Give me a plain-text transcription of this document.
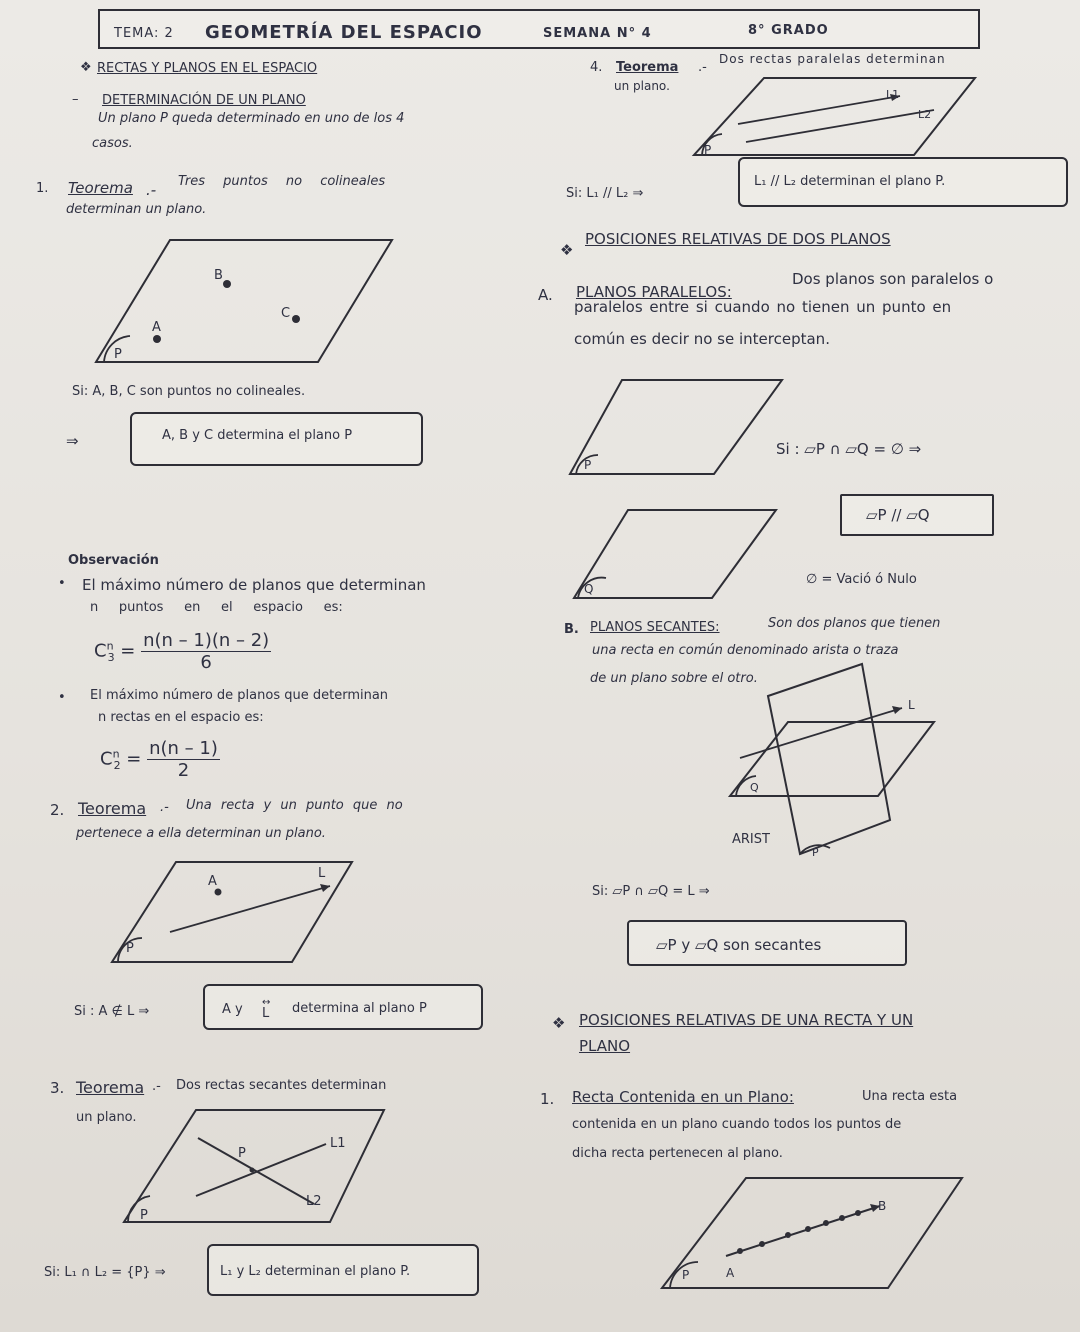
TEMA: 2 GEOMETRÍA DEL ESPACIO	SEMANA N° 4	8° GRADO
❖ RECTAS Y PLANOS EN EL ESPACIO
– DETERMINACIÓN DE UN PLANO
Un plano P queda determinado en uno de los 4
casos.
1. Teorema .- Tres puntos no colineales
determinan un plano.
A
B
C
P
Si: A, B, C son puntos no colineales.
⇒	A, B y C determina el plano P
Observación
• El máximo número de planos que determinan
n     puntos     en     el     espacio     es:
$C^n_3 = \frac{n(n - 1)(n - 2)}{6}$
• El máximo número de planos que determinan
n rectas en el espacio es:
$C^n_2 = \frac{n(n - 1)}{2}$
2. Teorema .- Una recta y un punto que no
pertenece a ella determinan un plano.
A
L
P
Si : A ∉ L ⇒	A y ↔
L determina al plano P
3. Teorema .- Dos rectas secantes determinan
un plano.
P
L1
L2
P
Si: L₁ ∩ L₂ = {P} ⇒	L₁ y L₂ determinan el plano P.
4. Teorema .-
Dos rectas paralelas determinan
un plano.
L1
L2
P
Si: L₁ // L₂ ⇒
L₁ // L₂ determinan el plano P.
❖
POSICIONES RELATIVAS DE DOS PLANOS
A. PLANOS PARALELOS:
Dos planos son paralelos o
paralelos entre si cuando no tienen un punto en
común es decir no se interceptan.
P
Q
Si : ⏥P ∩ ⏥Q = ∅ ⇒
⏥P // ⏥Q
∅ = Vació ó Nulo
B. PLANOS SECANTES:	Son dos planos que tienen
una recta en común denominado arista o traza
de un plano sobre el otro.
L
Q
P
ARIST
Si: ⏥P ∩ ⏥Q = L ⇒
⏥P y ⏥Q son secantes
❖ POSICIONES RELATIVAS DE UNA RECTA Y UN
PLANO
1. Recta Contenida en un Plano:	Una recta esta
contenida en un plano cuando todos los puntos de
dicha recta pertenecen al plano.
A
B
P
